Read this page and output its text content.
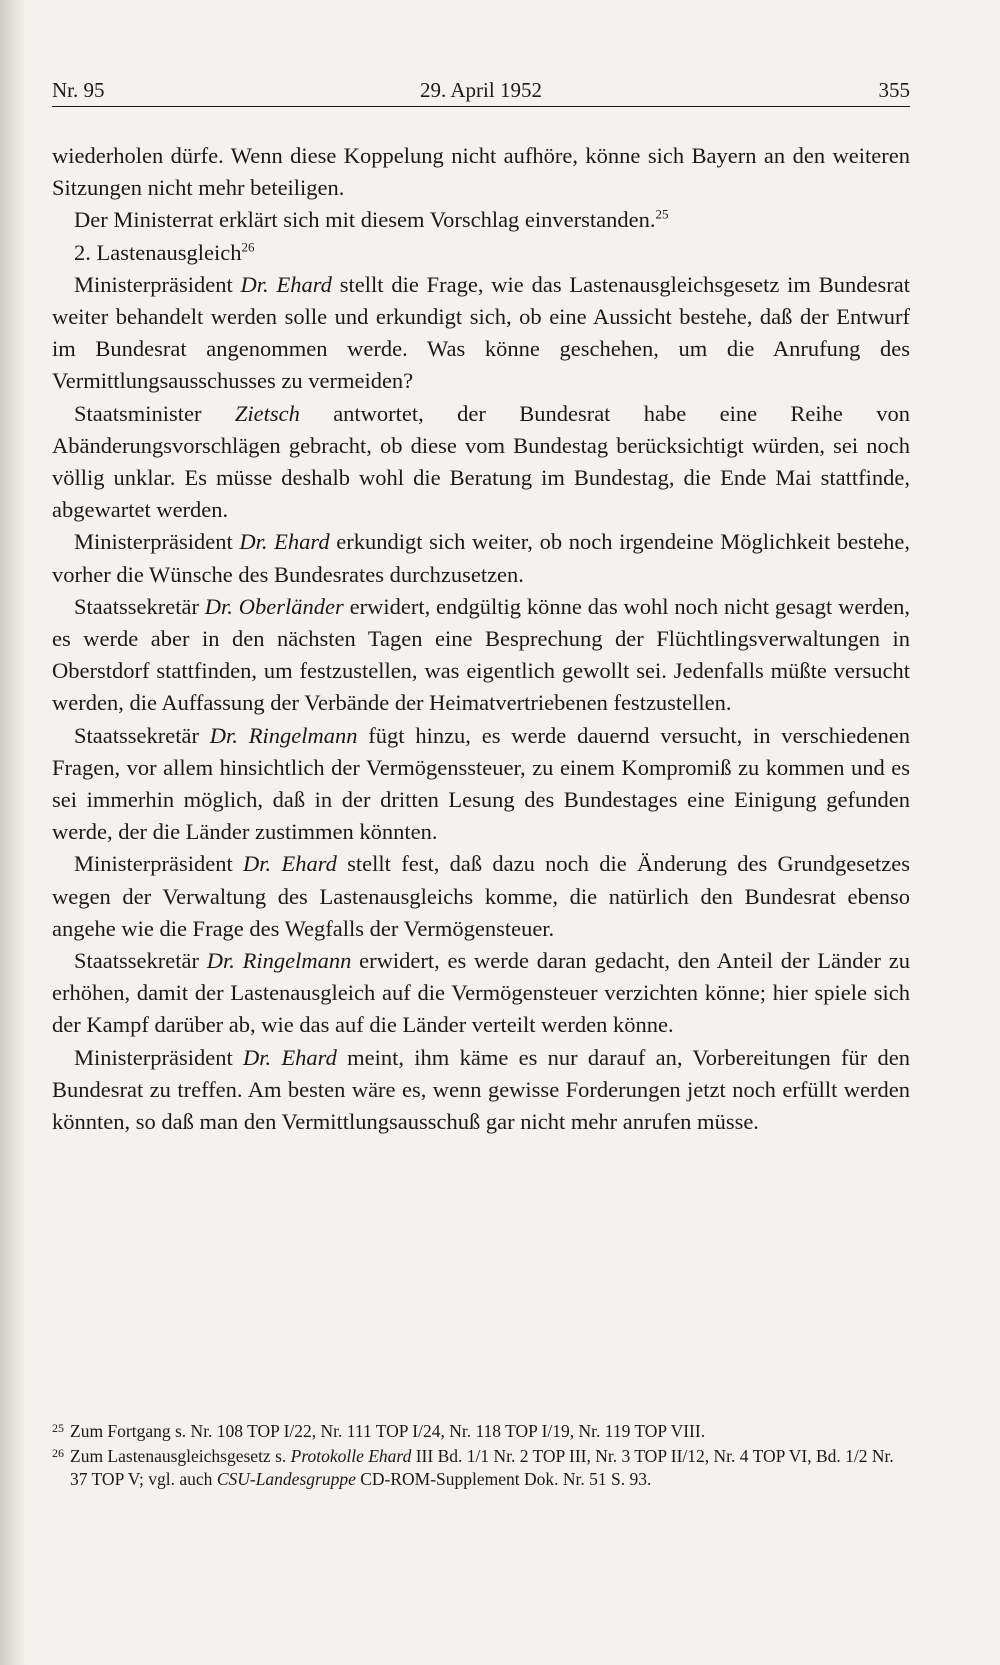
Nr. 95	29. April 1952	355

wiederholen dürfe. Wenn diese Koppelung nicht aufhöre, könne sich Bayern an den weiteren Sitzungen nicht mehr beteiligen.

Der Ministerrat erklärt sich mit diesem Vorschlag einverstanden.$^{25}$

2. Lastenausgleich$^{26}$

Ministerpräsident Dr. Ehard stellt die Frage, wie das Lastenausgleichsgesetz im Bundesrat weiter behandelt werden solle und erkundigt sich, ob eine Aussicht bestehe, daß der Entwurf im Bundesrat angenommen werde. Was könne geschehen, um die Anrufung des Vermittlungsausschusses zu vermeiden?

Staatsminister Zietsch antwortet, der Bundesrat habe eine Reihe von Abänderungsvorschlägen gebracht, ob diese vom Bundestag berücksichtigt würden, sei noch völlig unklar. Es müsse deshalb wohl die Beratung im Bundestag, die Ende Mai stattfinde, abgewartet werden.

Ministerpräsident Dr. Ehard erkundigt sich weiter, ob noch irgendeine Möglichkeit bestehe, vorher die Wünsche des Bundesrates durchzusetzen.

Staatssekretär Dr. Oberländer erwidert, endgültig könne das wohl noch nicht gesagt werden, es werde aber in den nächsten Tagen eine Besprechung der Flüchtlingsverwaltungen in Oberstdorf stattfinden, um festzustellen, was eigentlich gewollt sei. Jedenfalls müßte versucht werden, die Auffassung der Verbände der Heimatvertriebenen festzustellen.

Staatssekretär Dr. Ringelmann fügt hinzu, es werde dauernd versucht, in verschiedenen Fragen, vor allem hinsichtlich der Vermögenssteuer, zu einem Kompromiß zu kommen und es sei immerhin möglich, daß in der dritten Lesung des Bundestages eine Einigung gefunden werde, der die Länder zustimmen könnten.

Ministerpräsident Dr. Ehard stellt fest, daß dazu noch die Änderung des Grundgesetzes wegen der Verwaltung des Lastenausgleichs komme, die natürlich den Bundesrat ebenso angehe wie die Frage des Wegfalls der Vermögensteuer.

Staatssekretär Dr. Ringelmann erwidert, es werde daran gedacht, den Anteil der Länder zu erhöhen, damit der Lastenausgleich auf die Vermögensteuer verzichten könne; hier spiele sich der Kampf darüber ab, wie das auf die Länder verteilt werden könne.

Ministerpräsident Dr. Ehard meint, ihm käme es nur darauf an, Vorbereitungen für den Bundesrat zu treffen. Am besten wäre es, wenn gewisse Forderungen jetzt noch erfüllt werden könnten, so daß man den Vermittlungsausschuß gar nicht mehr anrufen müsse.

25 Zum Fortgang s. Nr. 108 TOP I/22, Nr. 111 TOP I/24, Nr. 118 TOP I/19, Nr. 119 TOP VIII.
26 Zum Lastenausgleichsgesetz s. Protokolle Ehard III Bd. 1/1 Nr. 2 TOP III, Nr. 3 TOP II/12, Nr. 4 TOP VI, Bd. 1/2 Nr. 37 TOP V; vgl. auch CSU-Landesgruppe CD-ROM-Supplement Dok. Nr. 51 S. 93.
